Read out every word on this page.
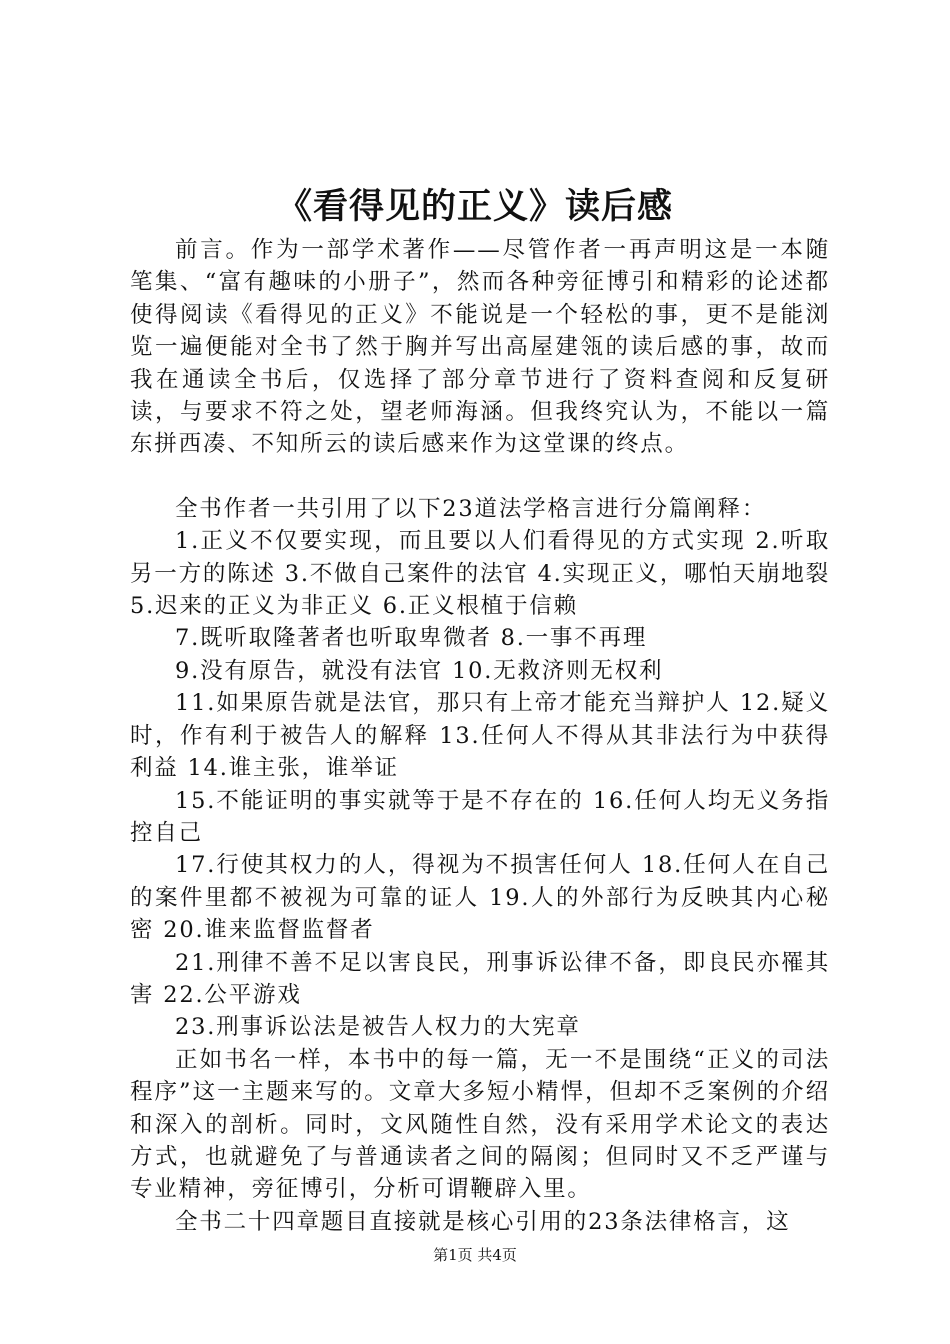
《看得见的正义》读后感

前言。作为一部学术著作——尽管作者一再声明这是一本随笔集、“富有趣味的小册子”，然而各种旁征博引和精彩的论述都使得阅读《看得见的正义》不能说是一个轻松的事，更不是能浏览一遍便能对全书了然于胸并写出高屋建瓴的读后感的事，故而我在通读全书后，仅选择了部分章节进行了资料查阅和反复研读，与要求不符之处，望老师海涵。但我终究认为，不能以一篇东拼西凑、不知所云的读后感来作为这堂课的终点。

全书作者一共引用了以下23道法学格言进行分篇阐释：

1.正义不仅要实现，而且要以人们看得见的方式实现 2.听取另一方的陈述 3.不做自己案件的法官 4.实现正义，哪怕天崩地裂 5.迟来的正义为非正义 6.正义根植于信赖

7.既听取隆著者也听取卑微者 8.一事不再理

9.没有原告，就没有法官 10.无救济则无权利

11.如果原告就是法官，那只有上帝才能充当辩护人 12.疑义时，作有利于被告人的解释 13.任何人不得从其非法行为中获得利益 14.谁主张，谁举证

15.不能证明的事实就等于是不存在的 16.任何人均无义务指控自己

17.行使其权力的人，得视为不损害任何人 18.任何人在自己的案件里都不被视为可靠的证人 19.人的外部行为反映其内心秘密 20.谁来监督监督者

21.刑律不善不足以害良民，刑事诉讼律不备，即良民亦罹其害 22.公平游戏

23.刑事诉讼法是被告人权力的大宪章

正如书名一样，本书中的每一篇，无一不是围绕“正义的司法程序”这一主题来写的。文章大多短小精悍，但却不乏案例的介绍和深入的剖析。同时，文风随性自然，没有采用学术论文的表达方式，也就避免了与普通读者之间的隔阂；但同时又不乏严谨与专业精神，旁征博引，分析可谓鞭辟入里。

全书二十四章题目直接就是核心引用的23条法律格言，这

第1页 共4页
